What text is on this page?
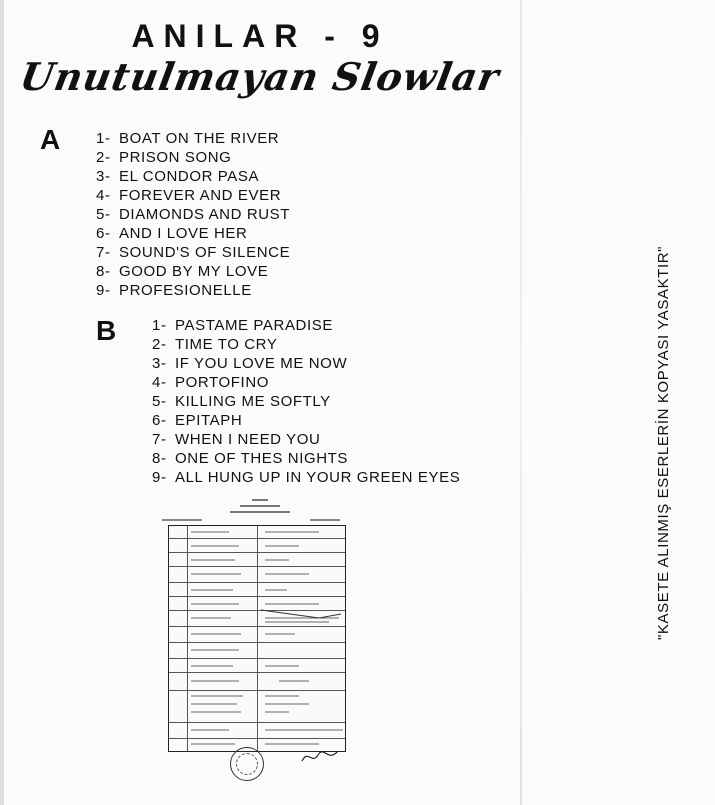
ANILAR - 9
Unutulmayan Slowlar
A 1- BOAT ON THE RIVER
2- PRISON SONG
3- EL CONDOR PASA
4- FOREVER AND EVER
5- DIAMONDS AND RUST
6- AND I LOVE HER
7- SOUND'S OF SILENCE
8- GOOD BY MY LOVE
9- PROFESIONELLE
B 1- PASTAME PARADISE
2- TIME TO CRY
3- IF YOU LOVE ME NOW
4- PORTOFINO
5- KILLING ME SOFTLY
6- EPITAPH
7- WHEN I NEED YOU
8- ONE OF THES NIGHTS
9- ALL HUNG UP IN YOUR GREEN EYES	"KASETE ALINMIŞ ESERLERİN KOPYASI YASAKTIR"
